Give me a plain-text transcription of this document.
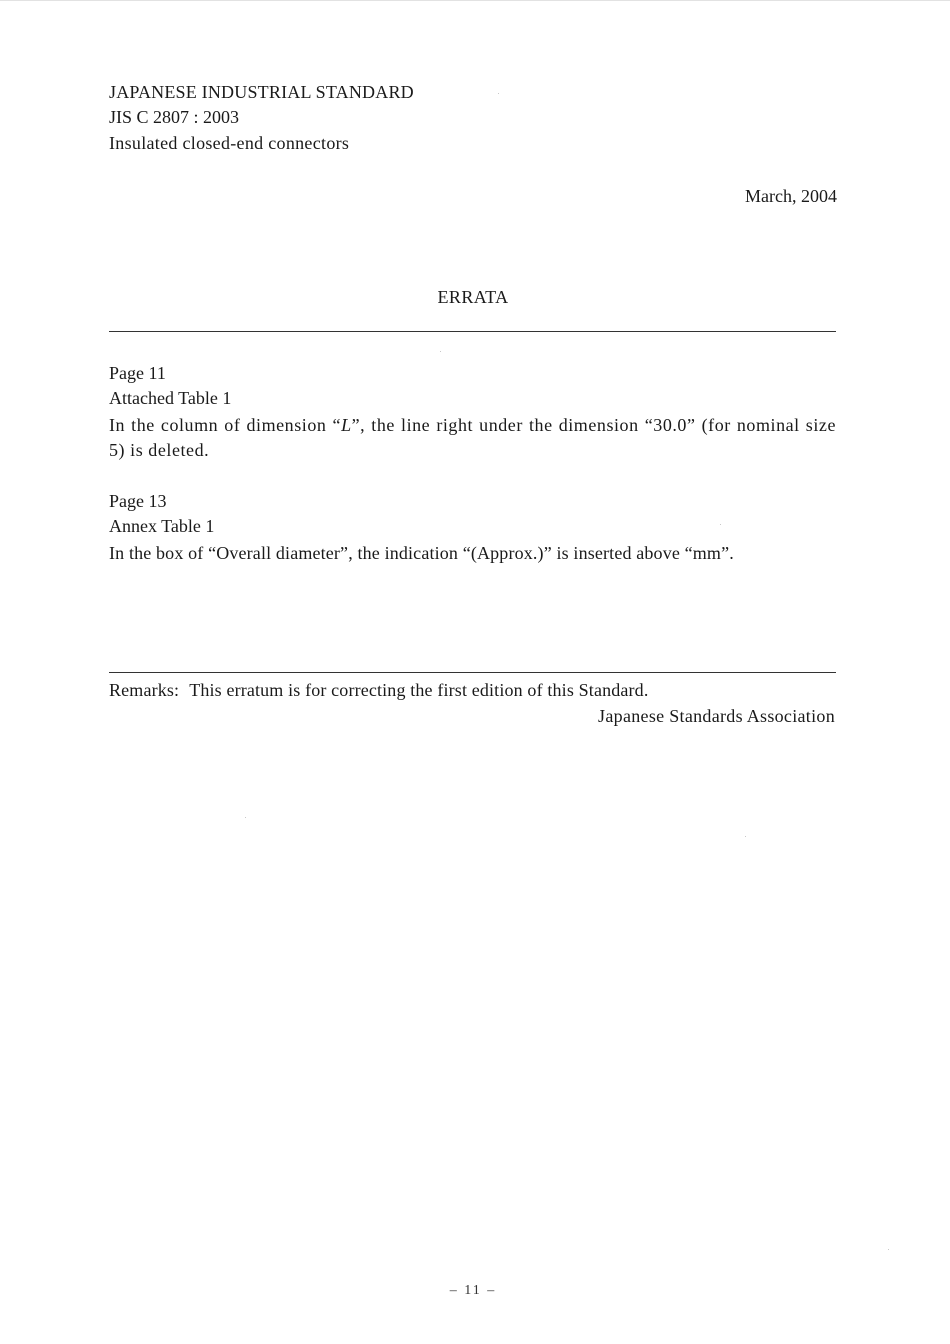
JAPANESE INDUSTRIAL STANDARD
JIS C 2807 : 2003
Insulated closed-end connectors
March, 2004
ERRATA
Page 11
Attached Table 1
In the column of dimension “L”, the line right under the dimension “30.0” (for nominal size 5) is deleted.
Page 13
Annex Table 1
In the box of “Overall diameter”, the indication “(Approx.)” is inserted above “mm”.
Remarks: This erratum is for correcting the first edition of this Standard.
Japanese Standards Association
– 11 –
